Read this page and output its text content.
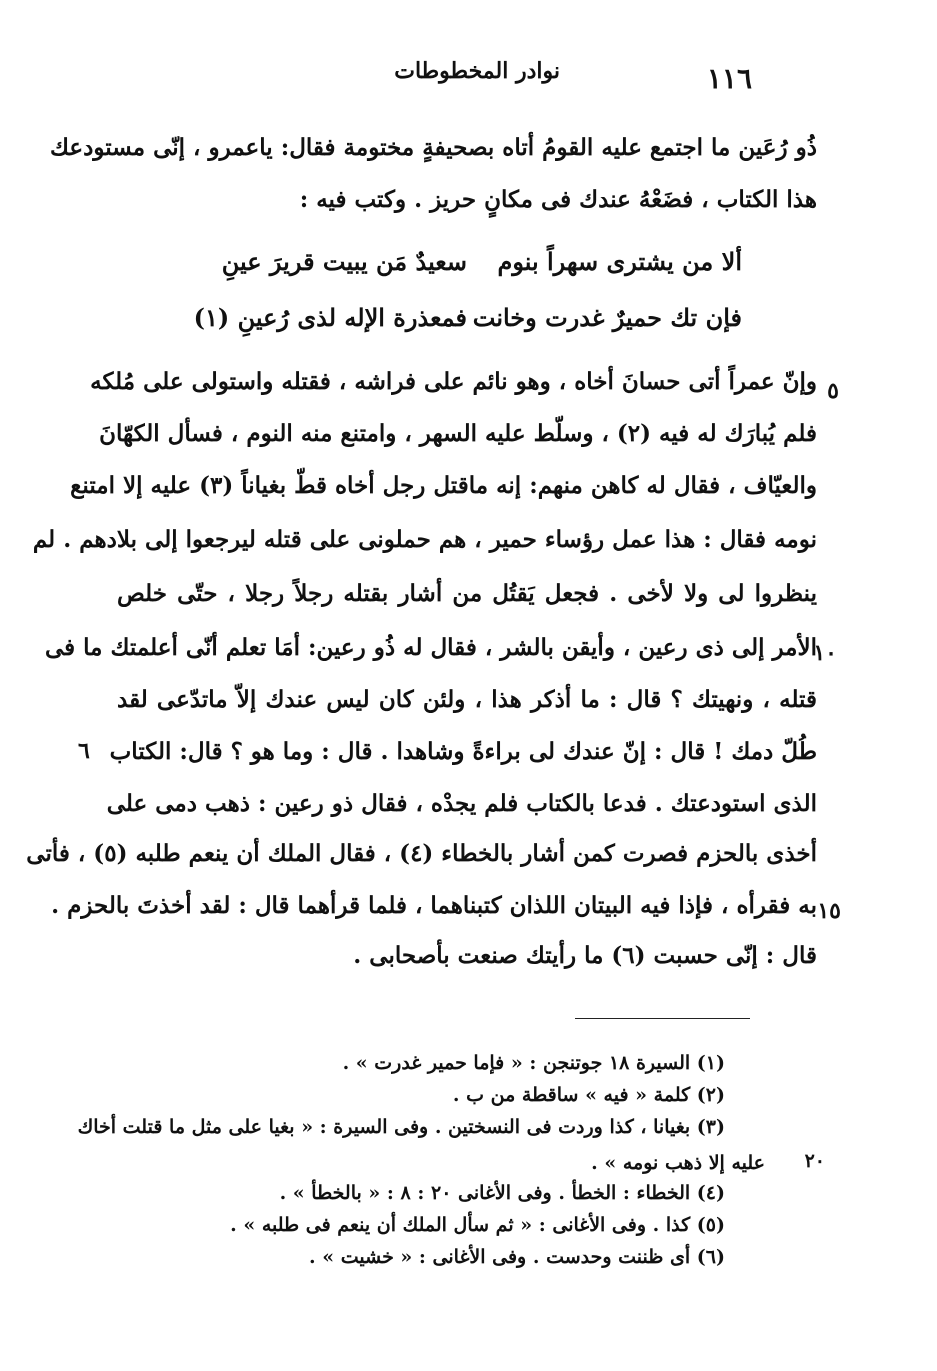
١١٦
نوادر المخطوطات
ذُو رُعَين ما اجتمع عليه القومُ أتاه بصحيفةٍ مختومة فقال: ياعمرو ، إنّى مستودعك
هذا الكتاب ، فضَعْهُ عندك فى مكانٍ حريز . وكتب فيه :
ألا من يشترى سهراً بنوم
سعيدٌ مَن يبيت قريرَ عينِ
فإن تك حميرٌ غدرت وخانت
فمعذرة الإله لذى رُعينِ (١)
وإنّ عمراً أتى حسانَ أخاه ، وهو نائم على فراشه ، فقتله واستولى على مُلكه
فلم يُبارَك له فيه (٢) ، وسلّط عليه السهر ، وامتنع منه النوم ، فسأل الكهّانَ
والعيّاف ، فقال له كاهن منهم: إنه ماقتل رجل أخاه قطّ بغياناً (٣) عليه إلا امتنع
نومه فقال : هذا عمل رؤساء حمير ، هم حملونى على قتله ليرجعوا إلى بلادهم . لم
ينظروا لى ولا لأخى . فجعل يَقتُل من أشار بقتله رجلاً رجلا ، حتّى خلص
الأمر إلى ذى رعين ، وأيقن بالشر ، فقال له ذُو رعين: أمَا تعلم أنّى أعلمتك ما فى
قتله ، ونهيتك ؟ قال : ما أذكر هذا ، ولئن كان ليس عندك إلاّ ماتدّعى لقد
طُلّ دمك ! قال : إنّ عندك لى براءةً وشاهدا . قال : وما هو ؟ قال: الكتاب
الذى استودعتك . فدعا بالكتاب فلم يجدْه ، فقال ذو رعين : ذهب دمى على
أخذى بالحزم فصرت كمن أشار بالخطاء (٤) ، فقال الملك أن ينعم طلبه (٥) ، فأتى
به فقرأه ، فإذا فيه البيتان اللذان كتبناهما ، فلما قرأهما قال : لقد أخذتَ بالحزم .
قال : إنّى حسبت (٦) ما رأيتك صنعت بأصحابى .
٥
١٠
١٥
٦
(١) السيرة ١٨ جوتنجن : « فإما حمير غدرت » .
(٢) كلمة « فيه » ساقطة من ب .
(٣) بغيانا ، كذا وردت فى النسختين . وفى السيرة : « بغيا على مثل ما قتلت أخاك
عليه إلا ذهب نومه » . ٢٠
(٤) الخطاء : الخطأ . وفى الأغانى ٢٠ : ٨ : « بالخطأ » .
(٥) كذا . وفى الأغانى : « ثم سأل الملك أن ينعم فى طلبه » .
(٦) أى ظننت وحدست . وفى الأغانى : « خشيت » .
